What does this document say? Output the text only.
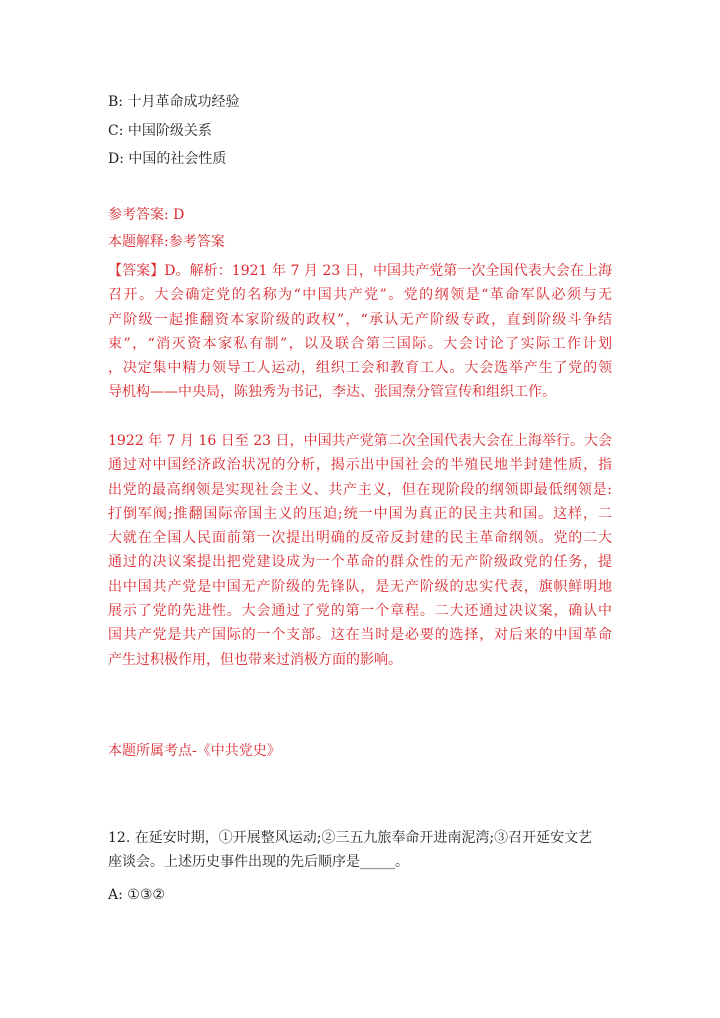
B: 十月革命成功经验
C: 中国阶级关系
D: 中国的社会性质
参考答案: D
本题解释:参考答案
【答案】D。解析：1921 年 7 月 23 日，中国共产党第一次全国代表大会在上海
召开。大会确定党的名称为“中国共产党”。党的纲领是“革命军队必须与无
产阶级一起推翻资本家阶级的政权”，“承认无产阶级专政，直到阶级斗争结
束”，“消灭资本家私有制”，以及联合第三国际。大会讨论了实际工作计划
，决定集中精力领导工人运动，组织工会和教育工人。大会选举产生了党的领
导机构——中央局，陈独秀为书记，李达、张国焘分管宣传和组织工作。
1922 年 7 月 16 日至 23 日，中国共产党第二次全国代表大会在上海举行。大会
通过对中国经济政治状况的分析，揭示出中国社会的半殖民地半封建性质，指
出党的最高纲领是实现社会主义、共产主义，但在现阶段的纲领即最低纲领是:
打倒军阀;推翻国际帝国主义的压迫;统一中国为真正的民主共和国。这样，二
大就在全国人民面前第一次提出明确的反帝反封建的民主革命纲领。党的二大
通过的决议案提出把党建设成为一个革命的群众性的无产阶级政党的任务，提
出中国共产党是中国无产阶级的先锋队，是无产阶级的忠实代表，旗帜鲜明地
展示了党的先进性。大会通过了党的第一个章程。二大还通过决议案，确认中
国共产党是共产国际的一个支部。这在当时是必要的选择，对后来的中国革命
产生过积极作用，但也带来过消极方面的影响。
本题所属考点-《中共党史》
12. 在延安时期，①开展整风运动;②三五九旅奉命开进南泥湾;③召开延安文艺
座谈会。上述历史事件出现的先后顺序是_____。
A: ①③②
